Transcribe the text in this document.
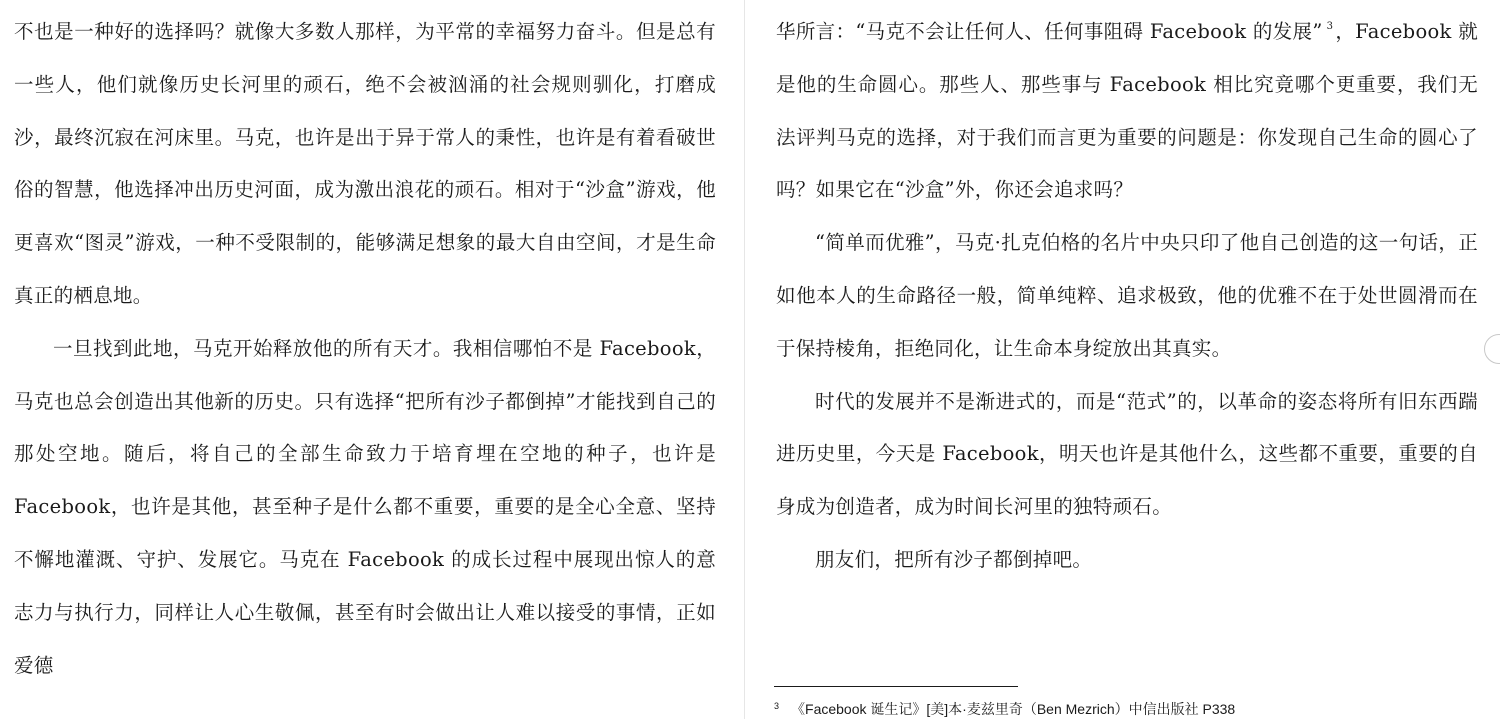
不也是一种好的选择吗？就像大多数人那样，为平常的幸福努力奋斗。但是总有一些人，他们就像历史长河里的顽石，绝不会被汹涌的社会规则驯化，打磨成沙，最终沉寂在河床里。马克，也许是出于异于常人的秉性，也许是有着看破世俗的智慧，他选择冲出历史河面，成为激出浪花的顽石。相对于“沙盒”游戏，他更喜欢“图灵”游戏，一种不受限制的，能够满足想象的最大自由空间，才是生命真正的栖息地。

一旦找到此地，马克开始释放他的所有天才。我相信哪怕不是 Facebook，马克也总会创造出其他新的历史。只有选择“把所有沙子都倒掉”才能找到自己的那处空地。随后，将自己的全部生命致力于培育埋在空地的种子，也许是Facebook，也许是其他，甚至种子是什么都不重要，重要的是全心全意、坚持不懈地灌溉、守护、发展它。马克在 Facebook 的成长过程中展现出惊人的意志力与执行力，同样让人心生敬佩，甚至有时会做出让人难以接受的事情，正如爱德

华所言：“马克不会让任何人、任何事阻碍 Facebook 的发展” $^3$ ，Facebook 就是他的生命圆心。那些人、那些事与 Facebook 相比究竟哪个更重要，我们无法评判马克的选择，对于我们而言更为重要的问题是：你发现自己生命的圆心了吗？如果它在“沙盒”外，你还会追求吗？

“简单而优雅”，马克·扎克伯格的名片中央只印了他自己创造的这一句话，正如他本人的生命路径一般，简单纯粹、追求极致，他的优雅不在于处世圆滑而在于保持棱角，拒绝同化，让生命本身绽放出其真实。

时代的发展并不是渐进式的，而是“范式”的，以革命的姿态将所有旧东西踹进历史里，今天是 Facebook，明天也许是其他什么，这些都不重要，重要的自身成为创造者，成为时间长河里的独特顽石。

朋友们，把所有沙子都倒掉吧。

$^3$ 《Facebook 诞生记》[美]本·麦兹里奇（Ben Mezrich）中信出版社 P338
